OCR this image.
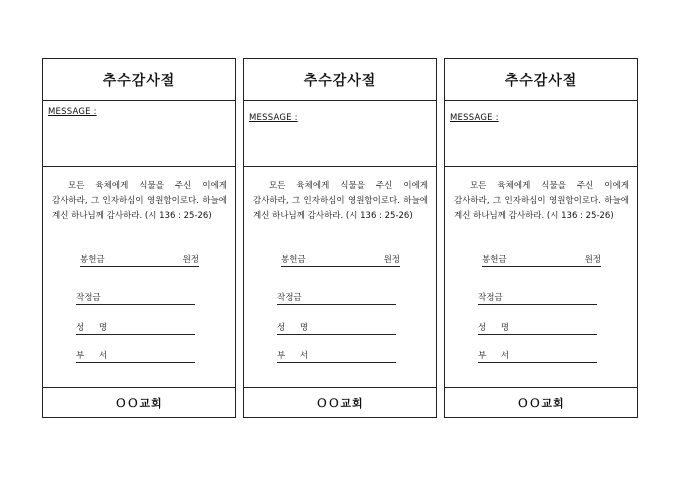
추수감사절
MESSAGE :
모든 육체에게 식물을 주신 이에게 감사하라, 그 인자하심이 영원함이로다. 하늘에 계신 하나님께 감사하라. (시 136 : 25-26)
봉헌금	원정
작정금
성 명
부 서
ＯＯ교회
추수감사절
MESSAGE :
모든 육체에게 식물을 주신 이에게 감사하라, 그 인자하심이 영원함이로다. 하늘에 계신 하나님께 감사하라. (시 136 : 25-26)
봉헌금	원정
작정금
성 명
부 서
ＯＯ교회
추수감사절
MESSAGE :
모든 육체에게 식물을 주신 이에게 감사하라, 그 인자하심이 영원함이로다. 하늘에 계신 하나님께 감사하라. (시 136 : 25-26)
봉헌금	원정
작정금
성 명
부 서
ＯＯ교회
